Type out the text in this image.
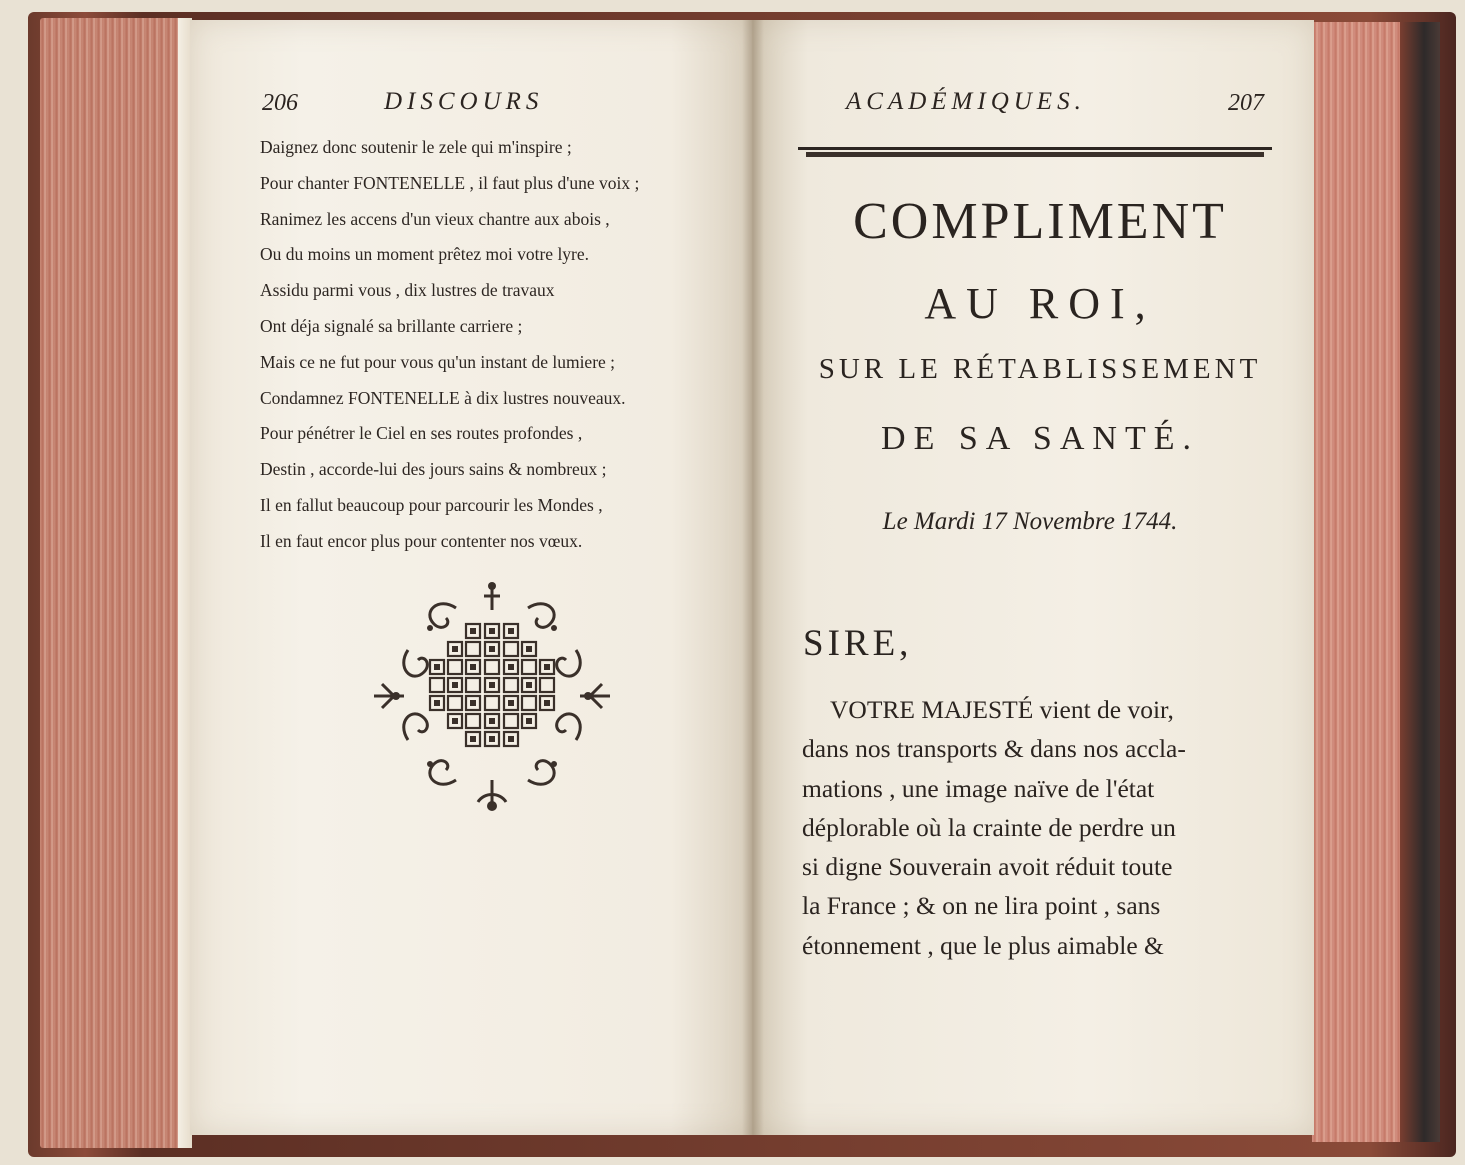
206	DISCOURS
Daignez donc soutenir le zele qui m'inspire ;
Pour chanter FONTENELLE , il faut plus d'une voix ;
Ranimez les accens d'un vieux chantre aux abois ,
Ou du moins un moment prêtez moi votre lyre.
Assidu parmi vous , dix lustres de travaux
Ont déja signalé sa brillante carriere ;
Mais ce ne fut pour vous qu'un instant de lumiere ;
Condamnez FONTENELLE à dix lustres nouveaux.
Pour pénétrer le Ciel en ses routes profondes ,
Destin , accorde-lui des jours sains & nombreux ;
Il en fallut beaucoup pour parcourir les Mondes ,
Il en faut encor plus pour contenter nos vœux.
ACADÉMIQUES.	207
COMPLIMENT
AU ROI,
SUR LE RÉTABLISSEMENT
DE SA SANTÉ.
Le Mardi 17 Novembre 1744.
SIRE,
VOTRE MAJESTÉ vient de voir,
dans nos transports & dans nos accla-
mations , une image naïve de l'état
déplorable où la crainte de perdre un
si digne Souverain avoit réduit toute
la France ; & on ne lira point , sans
étonnement , que le plus aimable &
